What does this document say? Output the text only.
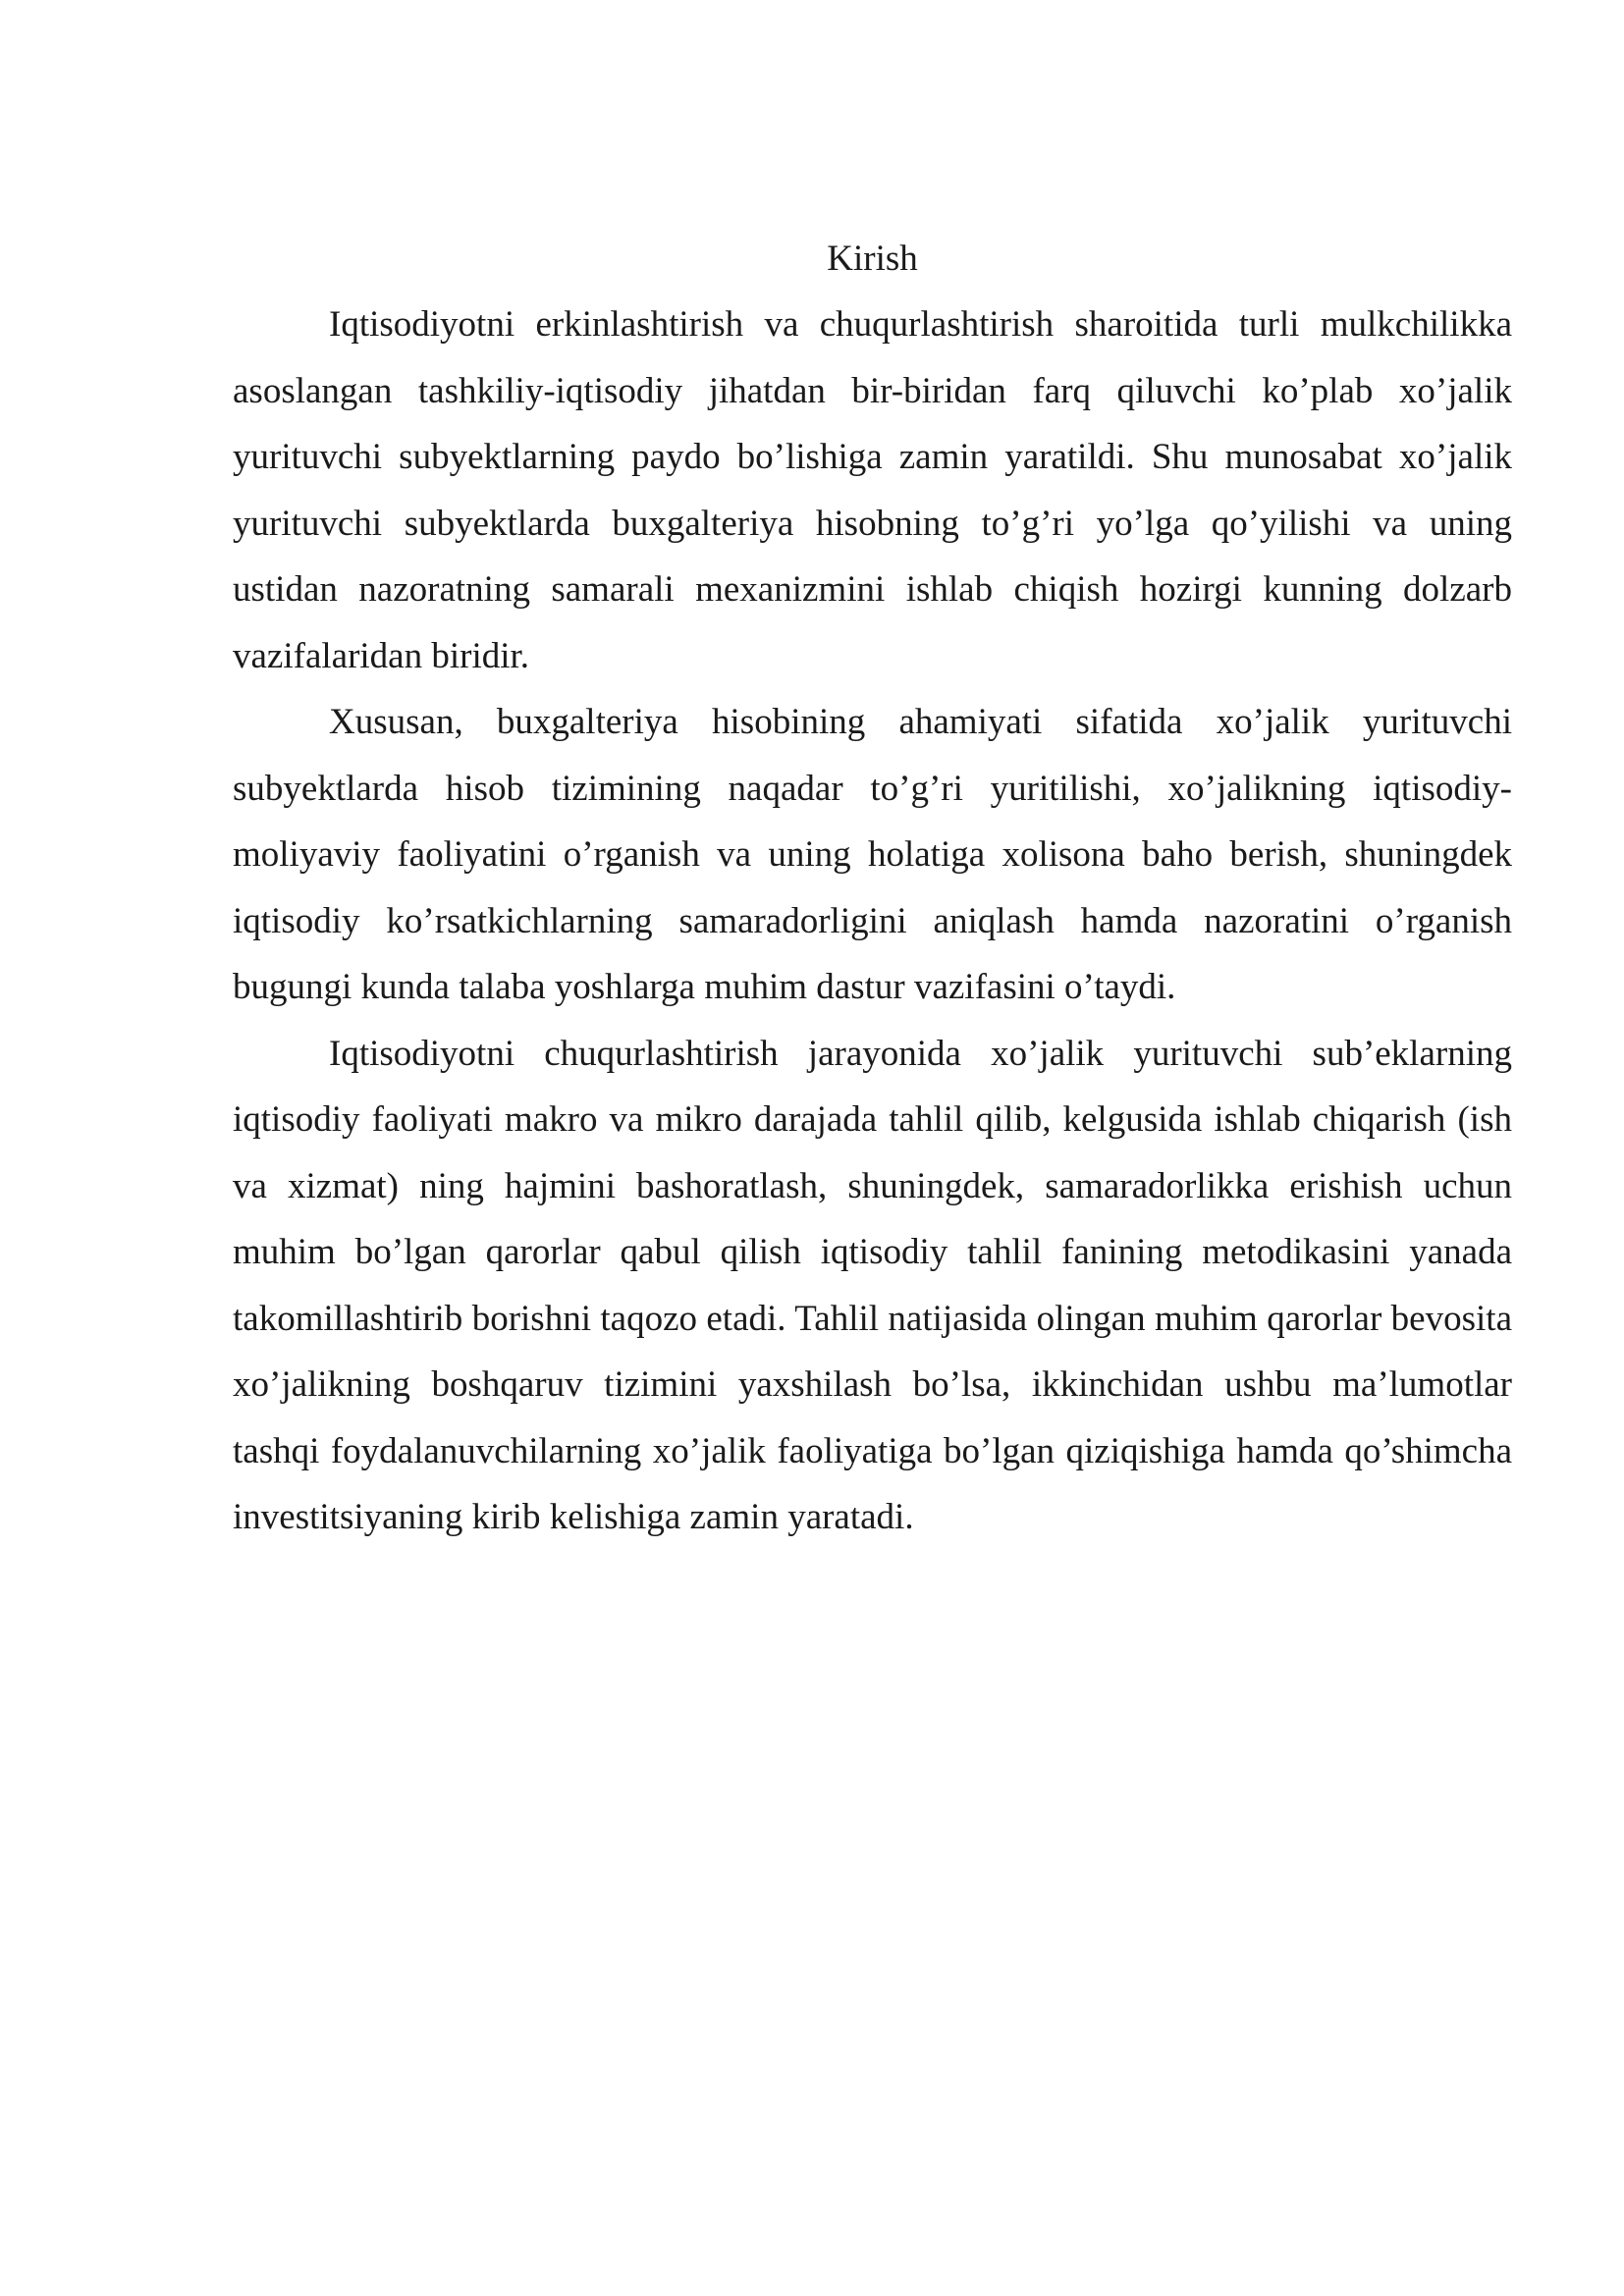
Kirish

Iqtisodiyotni erkinlashtirish va chuqurlashtirish sharoitida turli mulkchilikka asoslangan tashkiliy-iqtisodiy jihatdan bir-biridan farq qiluvchi ko’plab xo’jalik yurituvchi subyektlarning paydo bo’lishiga zamin yaratildi. Shu munosabat xo’jalik yurituvchi subyektlarda buxgalteriya hisobning to’g’ri yo’lga qo’yilishi va uning ustidan nazoratning samarali mexanizmini ishlab chiqish hozirgi kunning dolzarb vazifalaridan biridir.

Xususan, buxgalteriya hisobining ahamiyati sifatida xo’jalik yurituvchi subyektlarda hisob tizimining naqadar to’g’ri yuritilishi, xo’jalikning iqtisodiy-moliyaviy faoliyatini o’rganish va uning holatiga xolisona baho berish, shuningdek iqtisodiy ko’rsatkichlarning samaradorligini aniqlash hamda nazoratini o’rganish bugungi kunda talaba yoshlarga muhim dastur vazifasini o’taydi.

Iqtisodiyotni chuqurlashtirish jarayonida xo’jalik yurituvchi sub’eklarning iqtisodiy faoliyati makro va mikro darajada tahlil qilib, kelgusida ishlab chiqarish (ish va xizmat) ning hajmini bashoratlash, shuningdek, samaradorlikka erishish uchun muhim bo’lgan qarorlar qabul qilish iqtisodiy tahlil fanining metodikasini yanada takomillashtirib borishni taqozo etadi. Tahlil natijasida olingan muhim qarorlar bevosita xo’jalikning boshqaruv tizimini yaxshilash bo’lsa, ikkinchidan ushbu ma’lumotlar tashqi foydalanuvchilarning xo’jalik faoliyatiga bo’lgan qiziqishiga hamda qo’shimcha investitsiyaning kirib kelishiga zamin yaratadi.
